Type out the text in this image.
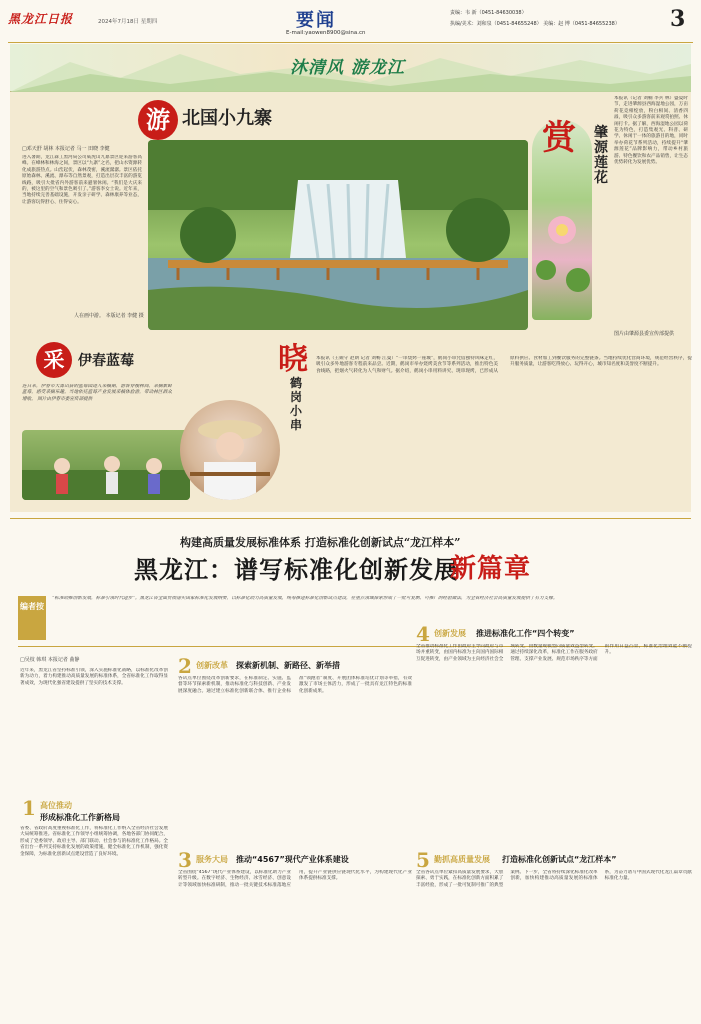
黑龙江日报	2024年7月18日 星期四	要闻
E-mail:yaowen8900@sina.cn
责编：韦 新（0451-84630038）
执编/美术：刘和泉（0451-84655248） 美编：赵 博（0451-84655238） 3
沐清风 游龙江
游 北国小九寨
□邓天舒 胡林 本报记者 马一 田晓 李健
进入暑期，龙江森工黑河局公司威虎山九寨景区迎来游客高峰。在峰林和林海之间，景区以“九寨”之名，把山水资源转化成旅游热点。山峦起伏，森林茂密，溪流潺潺。景区依托原始森林、溪流、瀑布等自然景观，打造出层次丰富的游览线路，吸引大批省内外游客前来避暑休闲。“我们是大庆来的，被这里的空气和景色吸引了。”游客李女士说。近年来，当地持续完善基础设施，开发亲子研学、森林康养等业态，让游客玩得舒心、住得安心。
人在画中游。 本版记者 李健 摄
赏 肇源莲花
本报讯（记者 刘楠 李兵 林）盛夏时节，走进肇源县西海湿地公园，万亩荷花竞相绽放，粉白相间、清香四溢，吸引众多游客前来观赏拍照、休闲打卡。据了解，西海湿地公园以荷花为特色，打造集观光、科普、研学、休闲于一体的旅游目的地，同时举办荷花节系列活动，持续提升“肇源莲花”品牌影响力，带动乡村旅游、特色餐饮和农产品销售，让生态优势转化为发展优势。
图片由肇源县委宣传部提供
采 伊春蓝莓
连日来，伊春市大箐山县的蓝莓园进入采摘期，游客穿梭林间，采摘新鲜蓝莓，感受采摘乐趣。当地依托蓝莓产业发展采摘体验游，带动林区群众增收。 图片由伊春市委宣传部提供
晓
鹤岗小串
本报讯（王兢守 赵朗 记者 刘畅 江曼）“一串烧烤一座城”，鹤岗小串凭借独特风味走红，吸引众多外地游客专程前来品尝。近期，鹤岗市举办烧烤美食节等系列活动，推出特色美食线路，把烟火气转化为人气和财气。据介绍，鹤岗小串用料讲究、现串现烤，已形成从原料供应、食材加工到餐饮服务的完整链条。当地持续优化营商环境，规范经营秩序，提升服务质量，让游客吃得放心、玩得开心，城市知名度和美誉度不断提升。
构建高质量发展标准体系 打造标准化创新试点“龙江样本”
黑龙江：谱写标准化创新发展
新篇章
编者按
“标准助推创新发展，标准引领时代进步”。黑龙江省全面贯彻落实国家标准化发展纲要，以标准化助力高质量发展，统筹推进标准化创新试点建设，在重点领域探索形成了一批可复制、可推广的经验做法，为全省经济社会高质量发展提供了有力支撑。
□吴枝 韩琪 本报记者 曲静
近年来，黑龙江省坚持标准引领，深入实施标准化战略，以标准化改革创新为动力，着力构建推动高质量发展的标准体系，全省标准化工作取得显著成效，为现代化强省建设提供了坚实的技术支撑。
1 高位推动
形成标准化工作新格局
省委、省政府高度重视标准化工作，将标准化工作纳入全省经济社会发展大局统筹推进。省标准化工作领导小组统筹协调，各地各部门协同配合，形成了党委领导、政府主导、部门联动、社会参与的标准化工作格局。全省出台一系列支持标准化发展的政策措施，健全标准化工作机制，强化资金保障，为标准化创新试点建设营造了良好环境。
2 创新改革 探索新机制、新路径、新举措
各试点单位围绕改革创新要求，在标准制定、实施、监督等环节探索新机制，推动标准化与科技创新、产业发展深度融合。通过建立标准化创新联合体、推行企业标准“领跑者”制度、开展团体标准培优计划等举措，有效激发了市场主体活力，形成了一批具有龙江特色的标准化创新成果。
3 服务大局 推动“4567”现代产业体系建设
全省围绕“4567”现代产业体系建设，以标准化助力产业转型升级。在数字经济、生物经济、冰雪经济、创意设计等领域加快标准研制，推动一批关键技术标准落地应用，提升产业链供应链现代化水平，为构建现代化产业体系提供标准支撑。
4 创新发展 推进标准化工作“四个转变”
全省推动标准化工作由政府主导向政府与市场并重转变，由国内标准为主向国内国际相互促进转变，由产业领域为主向经济社会全域转变，由数量规模型向质量效益型转变。通过持续深化改革，标准化工作在服务政府管理、支撑产业发展、规范市场秩序等方面的作用日益凸显，标准化治理效能不断提升。
5 勤抓高质量发展 打造标准化创新试点“龙江样本”
全省各试点单位紧扣高质量发展要求，大胆探索、勇于实践，在标准化创新方面积累了丰富经验，形成了一批可复制可推广的典型案例。下一步，全省将持续深化标准化改革创新，加快构建推动高质量发展的标准体系，为奋力谱写中国式现代化龙江篇章贡献标准化力量。
